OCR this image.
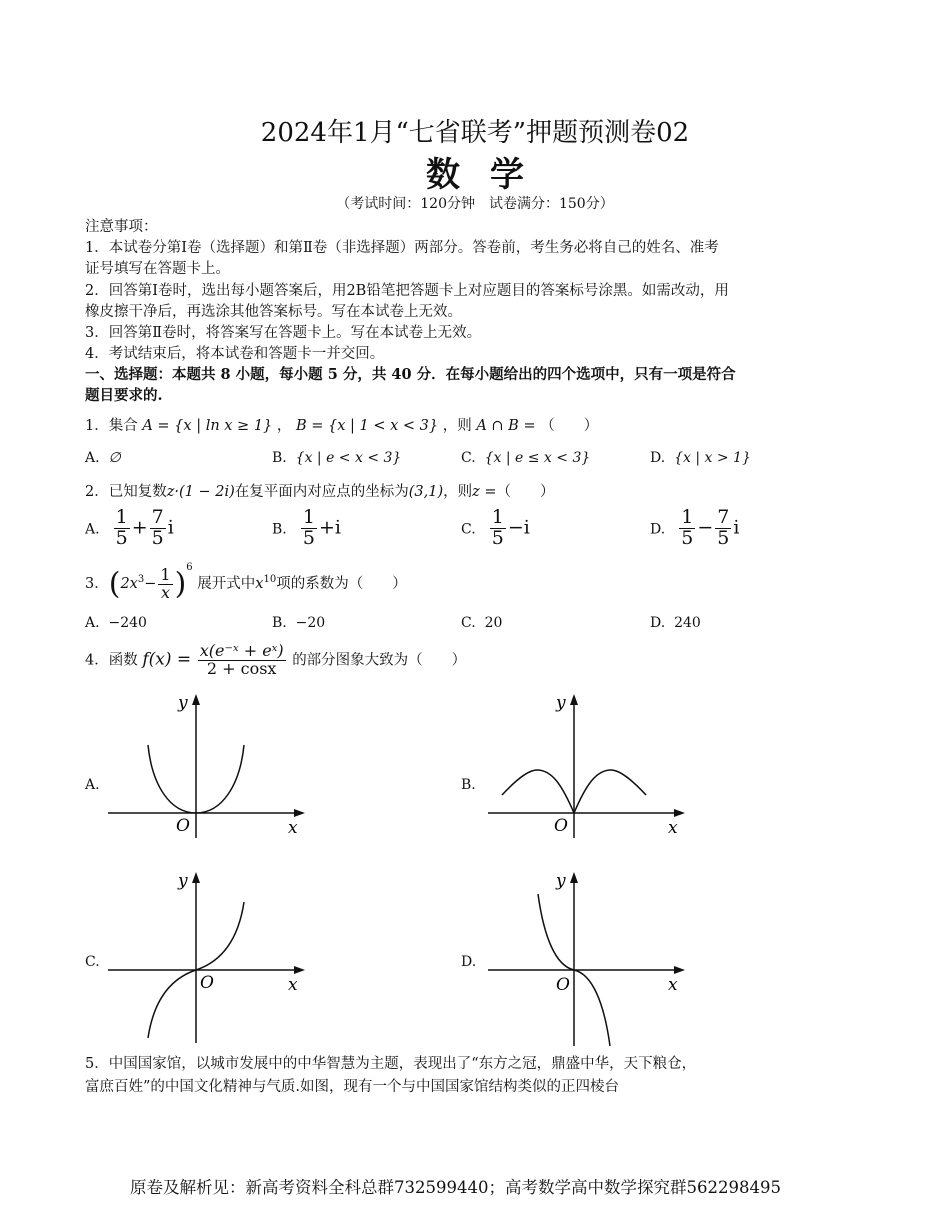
2024年1月“七省联考”押题预测卷02
数学
（考试时间：120分钟　试卷满分：150分）
注意事项：
1．本试卷分第Ⅰ卷（选择题）和第Ⅱ卷（非选择题）两部分。答卷前，考生务必将自己的姓名、准考
证号填写在答题卡上。
2．回答第Ⅰ卷时，选出每小题答案后，用2B铅笔把答题卡上对应题目的答案标号涂黑。如需改动，用
橡皮擦干净后，再选涂其他答案标号。写在本试卷上无效。
3．回答第Ⅱ卷时，将答案写在答题卡上。写在本试卷上无效。
4．考试结束后，将本试卷和答题卡一并交回。
一、选择题：本题共 8 小题，每小题 5 分，共 40 分．在每小题给出的四个选项中，只有一项是符合
题目要求的.
1．集合 A = {x | ln x ≥ 1} ， B = {x | 1 < x < 3} ，则 A ∩ B = （　　）
A. ∅	B. {x | e < x < 3}	C. {x | e ≤ x < 3}	D. {x | x > 1}
2．已知复数z·(1 − 2i)在复平面内对应点的坐标为(3,1)，则z =（　　）
A. $\frac{1}{5} + \frac{7}{5}$ i	B. $\frac{1}{5} +i$	C. $\frac{1}{5} -i$	D. $\frac{1}{5} - \frac{7}{5}$ i
3．$(2x^3- \frac{1}{x} )^6$ 展开式中$x^{10}$项的系数为（　　）
A. −240	B. −20	C. 20	D. 240
4．函数 $f(x) = \frac{\text{x(e⁻ˣ + eˣ)}}{2 + \cos x}$ 的部分图象大致为（　　）
A.
x
y
O
B.
x
y
O
C.
x
y
O
D.
x
y
O
5．中国国家馆，以城市发展中的中华智慧为主题，表现出了“东方之冠，鼎盛中华，天下粮仓，
富庶百姓”的中国文化精神与气质.如图，现有一个与中国国家馆结构类似的正四棱台
原卷及解析见：新高考资料全科总群732599440；高考数学高中数学探究群562298495
